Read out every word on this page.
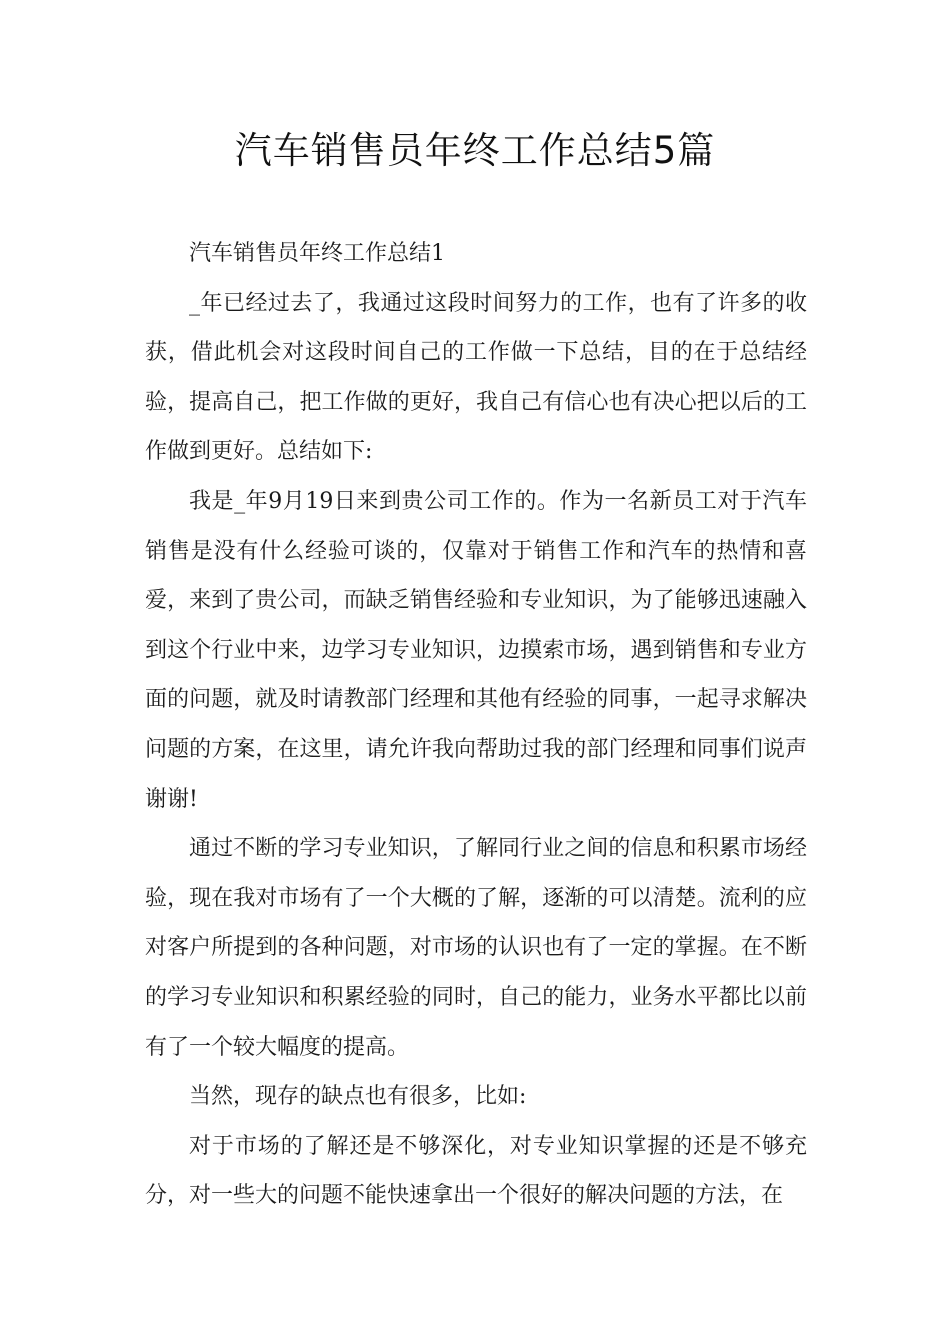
汽车销售员年终工作总结5篇

汽车销售员年终工作总结1

_年已经过去了，我通过这段时间努力的工作，也有了许多的收获，借此机会对这段时间自己的工作做一下总结，目的在于总结经验，提高自己，把工作做的更好，我自己有信心也有决心把以后的工作做到更好。总结如下:

我是_年9月19日来到贵公司工作的。作为一名新员工对于汽车销售是没有什么经验可谈的，仅靠对于销售工作和汽车的热情和喜爱，来到了贵公司，而缺乏销售经验和专业知识，为了能够迅速融入到这个行业中来，边学习专业知识，边摸索市场，遇到销售和专业方面的问题，就及时请教部门经理和其他有经验的同事，一起寻求解决问题的方案，在这里，请允许我向帮助过我的部门经理和同事们说声谢谢!

通过不断的学习专业知识，了解同行业之间的信息和积累市场经验，现在我对市场有了一个大概的了解，逐渐的可以清楚。流利的应对客户所提到的各种问题，对市场的认识也有了一定的掌握。在不断的学习专业知识和积累经验的同时，自己的能力，业务水平都比以前有了一个较大幅度的提高。

当然，现存的缺点也有很多，比如:

对于市场的了解还是不够深化，对专业知识掌握的还是不够充分，对一些大的问题不能快速拿出一个很好的解决问题的方法，在
